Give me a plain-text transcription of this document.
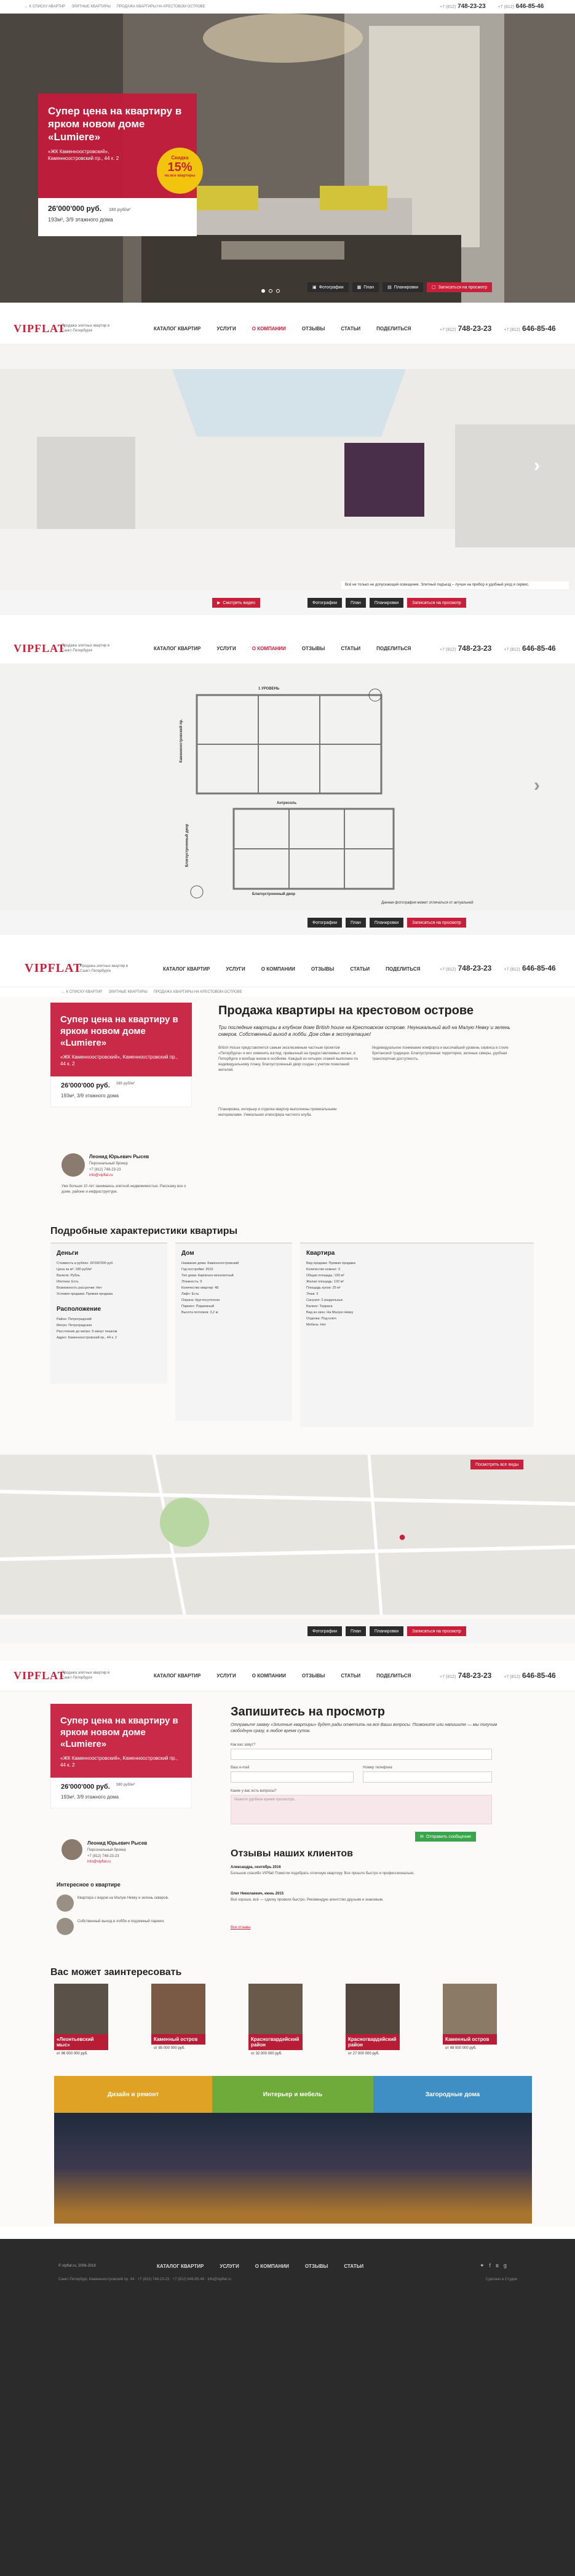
← К СПИСКУ КВАРТИР ЭЛИТНЫЕ КВАРТИРЫ ПРОДАЖА КВАРТИРЫ НА КРЕСТОВОМ ОСТРОВЕ	+7 (812) 748-23-23	+7 (812) 646-85-46
Супер цена на квартиру в ярком новом доме «Lumiere»

«ЖК Каменноостровский», Каменноостровский пр., 44 к. 2	Скидка
15%
на все квартиры
26'000'000 руб. 180 руб/м²
193м², 3/9 этажного дома
▣ Фотографии	▦ План	▤ Планировки	▢ Записаться на просмотр
VIPFLAT
Продажа элитных квартир в Санкт-Петербурге	КАТАЛОГ КВАРТИР	УСЛУГИ	О КОМПАНИИ	ОТЗЫВЫ	СТАТЬИ	ПОДЕЛИТЬСЯ	+7 (812) 748-23-23	+7 (812) 646-85-46
›
Всё не только не допускающий освещение. Элитный подъезд – лучше на прибор и удобный уход и сервис.
▶ Смотреть видео	Фотографии	План	Планировки	Записаться на просмотр
VIPFLAT
Продажа элитных квартир в Санкт-Петербурге	КАТАЛОГ КВАРТИР	УСЛУГИ	О КОМПАНИИ	ОТЗЫВЫ	СТАТЬИ	ПОДЕЛИТЬСЯ	+7 (812) 748-23-23	+7 (812) 646-85-46
1 УРОВЕНЬ
Антресоль
Благоустроенный двор
Каменноостровский пр.
Благоустроенный двор
›
Данная фотография может отличаться от актуальной
Фотографии	План	Планировки	Записаться на просмотр
VIPFLAT
Продажа элитных квартир в Санкт-Петербурге	КАТАЛОГ КВАРТИР	УСЛУГИ	О КОМПАНИИ	ОТЗЫВЫ	СТАТЬИ	ПОДЕЛИТЬСЯ	+7 (812) 748-23-23	+7 (812) 646-85-46
← К СПИСКУ КВАРТИР ЭЛИТНЫЕ КВАРТИРЫ ПРОДАЖА КВАРТИРЫ НА КРЕСТОВОМ ОСТРОВЕ
Супер цена на квартиру в ярком новом доме «Lumiere»

«ЖК Каменноостровский», Каменноостровский пр., 44 к. 2

26'000'000 руб. 180 руб/м²
193м², 3/9 этажного дома
Леонид Юрьевич Рысев
Персональный брокер
+7 (812) 748-23-23
info@vipflat.ru
Уже больше 10 лет занимаюсь элитной недвижимостью. Расскажу все о доме, районе и инфраструктуре.
Продажа квартиры на крестовом острове
Три последние квартиры в клубном доме British house на Крестовском острове. Неуникальный вид на Малую Невку и зелень скверов. Собственный выход в лобби. Дом сдан в эксплуатацию!
British House представляется самым эксклюзивным частным проектом «Петербурга» и мог изменить взгляд, привычный на предоставляемых жилье, в Петербурге и вообще жизни в особняке. Каждый из четырех этажей выполнен по индивидуальному плану, благоустроенный двор создан с учетом пожеланий жителей.
Индивидуальное понимание комфорта и высочайший уровень сервиса в стиле британской традиции. Благоустроенная территория, зеленые скверы, удобная транспортная доступность.
Планировка, интерьер и отделка квартир выполнены премиальными материалами. Уникальная атмосфера частного клуба.
Подробные характеристики квартиры
Деньги
Стоимость в рублях: 26'000'000 руб.
Цена за м²: 180 руб/м²
Валюта: Рубль
Ипотека: Есть
Возможность рассрочки: Нет
Условия продажи: Прямая продажа
Расположение
Район: Петроградский
Метро: Петроградская
Расстояние до метро: 5 минут пешком
Адрес: Каменноостровский пр., 44 к. 2
Дом
Название дома: Каменноостровский
Год постройки: 2015
Тип дома: Кирпично-монолитный
Этажность: 9
Количество квартир: 48
Лифт: Есть
Охрана: Круглосуточная
Паркинг: Подземный
Высота потолков: 3,2 м
Квартира
Вид продажи: Прямая продажа
Количество комнат: 3
Общая площадь: 193 м²
Жилая площадь: 120 м²
Площадь кухни: 25 м²
Этаж: 3
Санузел: 2 раздельных
Балкон: Терраса
Вид из окон: На Малую Невку
Отделка: Под ключ
Мебель: Нет
●
Посмотреть все виды
Фотографии	План	Планировки	Записаться на просмотр
VIPFLAT
Продажа элитных квартир в Санкт-Петербурге	КАТАЛОГ КВАРТИР	УСЛУГИ	О КОМПАНИИ	ОТЗЫВЫ	СТАТЬИ	ПОДЕЛИТЬСЯ	+7 (812) 748-23-23	+7 (812) 646-85-46
Супер цена на квартиру в ярком новом доме «Lumiere»

«ЖК Каменноостровский», Каменноостровский пр., 44 к. 2

26'000'000 руб. 180 руб/м²
193м², 3/9 этажного дома
Леонид Юрьевич Рысев
Персональный брокер
+7 (812) 748-23-23
info@vipflat.ru
Интересное о квартире
Квартира с видом на Малую Невку и зелень скверов.
Собственный выход в лобби и подземный паркинг.
Запишитесь на просмотр
Отправьте заявку «Элитные квартиры» будет рады ответить на все Ваши вопросы. Позвоните или напишите — мы получим свободную сразу, в любое время суток.
Как вас зовут?
Ваш e-mail	Номер телефона
Какие у вас есть вопросы?
Укажите удобное время просмотра...
✉ Отправить сообщение
Отзывы наших клиентов
Александра, сентябрь 2016
Большое спасибо VIPflat! Помогли подобрать отличную квартиру. Все прошло быстро и профессионально.
Олег Николаевич, июнь 2015
Всё хорошо, всё — сделку провели быстро. Рекомендую агентство друзьям и знакомым.
Все отзывы
Вас может заинтересовать
«Леонтьевский мыс»
от 96 000 000 руб.
Каменный остров
от 85 000 000 руб.
Красногвардейский район
от 32 000 000 руб.
Красногвардейский район
от 27 000 000 руб.
Каменный остров
от 48 000 000 руб.
Дизайн и ремонт	Интерьер и мебель	Загородные дома
© vipflat.ru, 2006-2016	КАТАЛОГ КВАРТИР	УСЛУГИ	О КОМПАНИИ	ОТЗЫВЫ	СТАТЬИ	✦ f в g
Санкт-Петербург, Каменноостровский пр. 44 · +7 (812) 748-23-23 · +7 (812) 646-85-46 · info@vipflat.ru	Сделано в Студии
